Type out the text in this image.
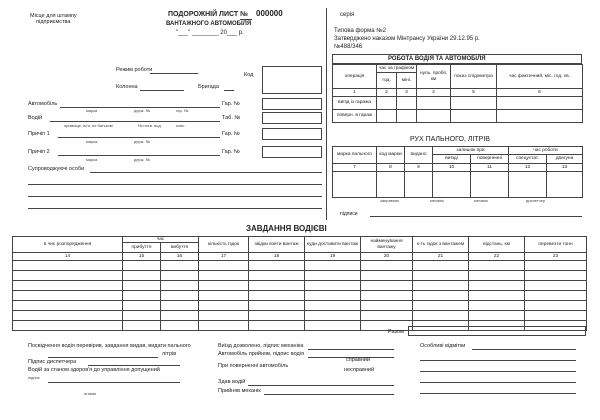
Місце для штампу
підприємства
ПОДОРОЖНІЙ ЛИСТ № 000000
ВАНТАЖНОГО АВТОМОБІЛЯ
"___" ________ 20___ р.
серія
Типова форма №2
Затверджено наказом Мінтрансу України 29.12.95 р.
№488/346
Режим роботи
Колонна	Бригада
Код
Автомобіль
марка	держ. №	гар. №
Гар. №
Водій
прізвище, ім'я, по батькові	№ посв. вод.	клас
Таб. №
Причіп 1
марка	держ. №
Гар. №
Причіп 2
марка	держ. №
Гар. №
Супроводжуючі особи
РОБОТА ВОДІЯ ТА АВТОМОБІЛЯ
операція	час за графіком		нуль. пробіг, км	показ спідометра	час фактичний, міс. год. хв.
	год.	міні.			
1	2	3	4	5	6
виїзд із гаража					
поверн. в гараж					
РУХ ПАЛЬНОГО, ЛІТРІВ
марка пального	код марки	видано	залишок при		час роботи	
			виїзді	поверненні	спецустат.	двигуна
7	8	9	10	11	12	13

підписи
заправник	механік	механік	диспетчер
ЗАВДАННЯ ВОДІЄВІ
в чиє розпорядження	час		кількість їздок	звідки взяти вантаж	куди доставити вантаж	найменування вантажу	к-ть їздок з вантажем	відстань, км	перевезти тонн
	прибуття	вибуття							
14	15	16	17	18	19	20	21	22	23

Разом
Посвідчення водія перевірив, завдання видав, видати пального
літрів
Підпис диспетчера
Водій за станом здоров'я до управління допущений
підпис
штамп
Виїзд дозволено, підпис механіка
Автомобіль прийняв, підпис водія
При поверненні автомобіль
справний
несправний
Здав водій
Прийняв механік
Особливі відмітки
